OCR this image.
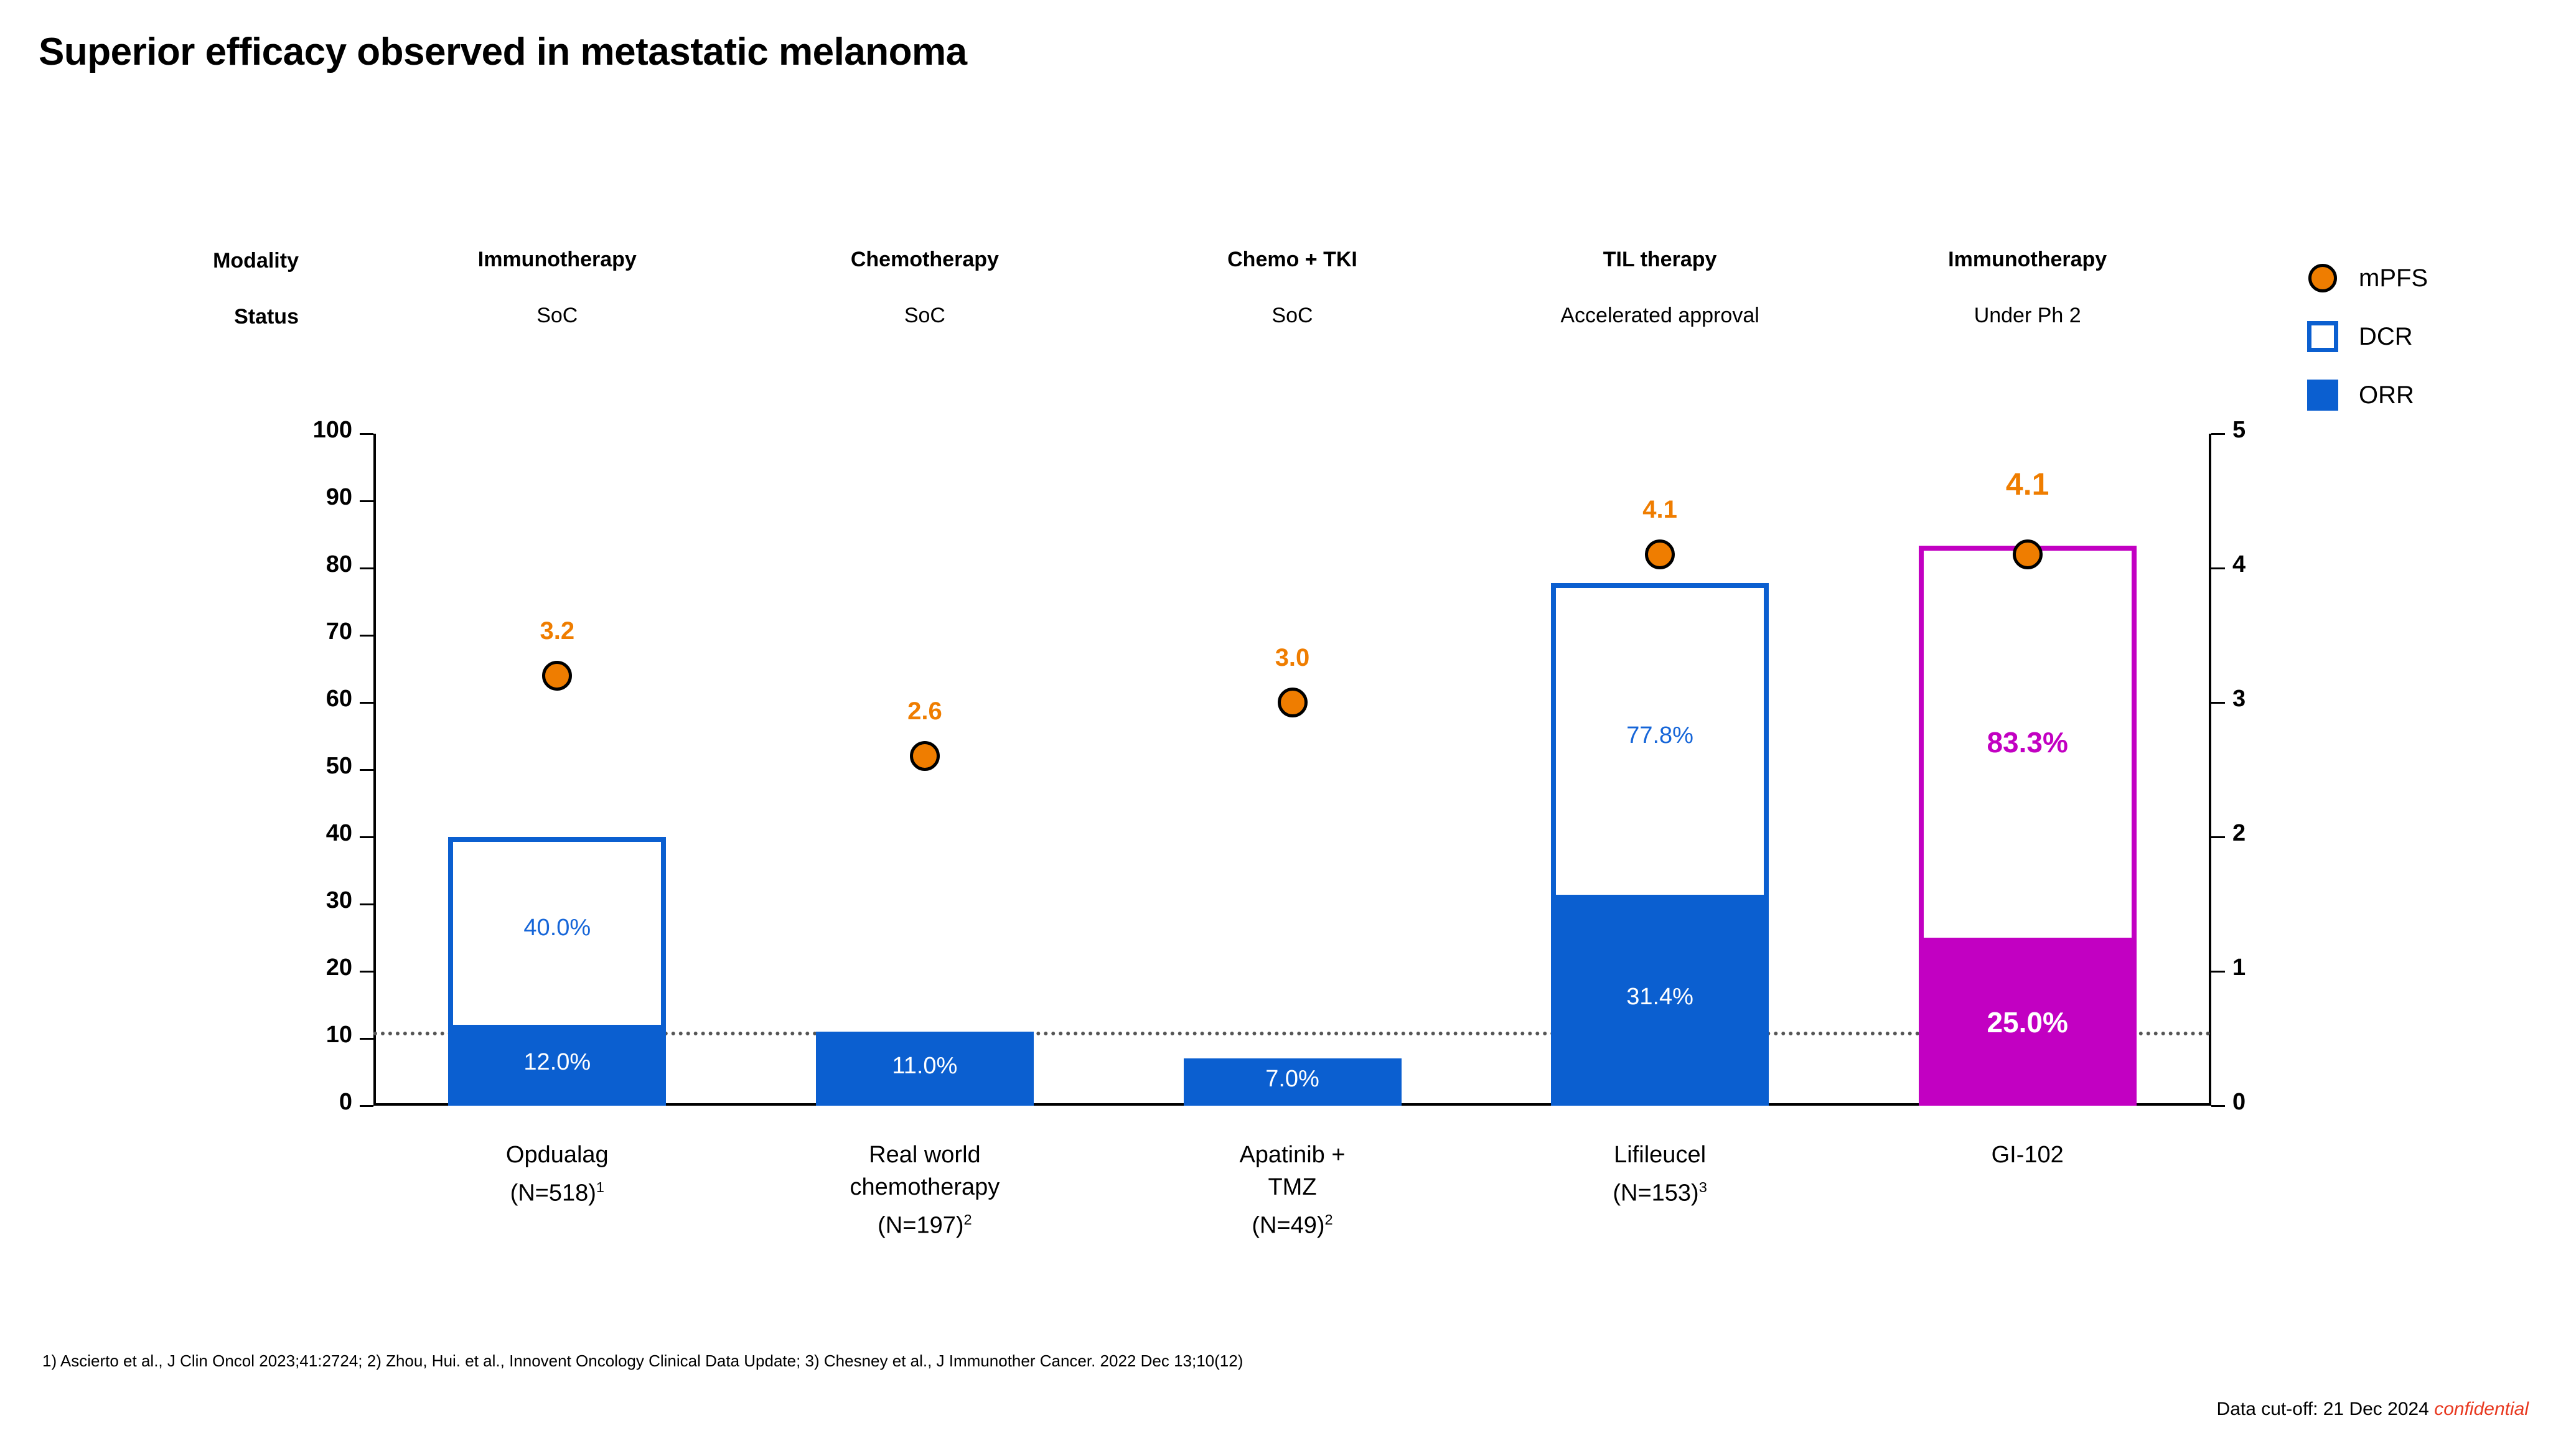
Superior efficacy observed in metastatic melanoma
Modality
Status
Immunotherapy
SoC
Chemotherapy
SoC
Chemo + TKI
SoC
TIL therapy
Accelerated approval
Immunotherapy
Under Ph 2
0
10
20
30
40
50
60
70
80
90
100
0
1
2
3
4
5
40.0%
12.0%
3.2
11.0%
2.6
7.0%
3.0
77.8%
31.4%
4.1
83.3%
25.0%
4.1
Opdualag
(N=518)$^1$
Real world
chemotherapy
(N=197)$^2$
Apatinib +
TMZ
(N=49)$^2$
Lifileucel
(N=153)$^3$
GI-102
mPFS
DCR
ORR
1) Ascierto et al., J Clin Oncol 2023;41:2724; 2) Zhou, Hui. et al., Innovent Oncology Clinical Data Update; 3) Chesney et al., J Immunother Cancer. 2022 Dec 13;10(12)
Data cut-off: 21 Dec 2024 confidential
